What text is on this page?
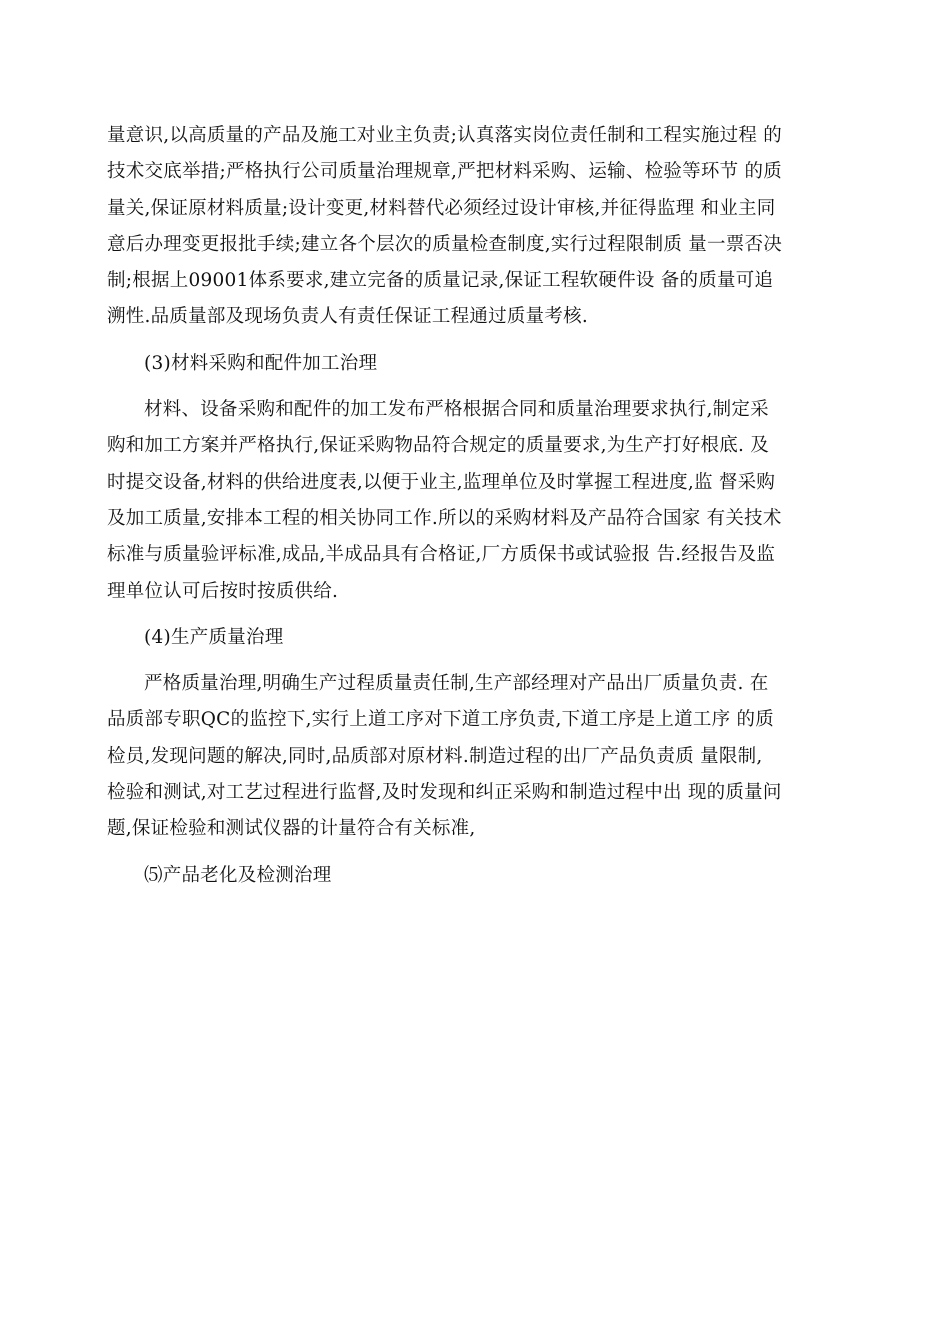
量意识,以高质量的产品及施工对业主负责;认真落实岗位责任制和工程实施过程 的
技术交底举措;严格执行公司质量治理规章,严把材料采购、运输、检验等环节 的质
量关,保证原材料质量;设计变更,材料替代必须经过设计审核,并征得监理 和业主同
意后办理变更报批手续;建立各个层次的质量检查制度,实行过程限制质 量一票否决
制;根据上09001体系要求,建立完备的质量记录,保证工程软硬件设 备的质量可追
溯性.品质量部及现场负责人有责任保证工程通过质量考核.
(3)材料采购和配件加工治理
材料、设备采购和配件的加工发布严格根据合同和质量治理要求执行,制定采
购和加工方案并严格执行,保证采购物品符合规定的质量要求,为生产打好根底. 及
时提交设备,材料的供给进度表,以便于业主,监理单位及时掌握工程进度,监 督采购
及加工质量,安排本工程的相关协同工作.所以的采购材料及产品符合国家 有关技术
标准与质量验评标准,成品,半成品具有合格证,厂方质保书或试验报 告.经报告及监
理单位认可后按时按质供给.
(4)生产质量治理
严格质量治理,明确生产过程质量责任制,生产部经理对产品出厂质量负责. 在
品质部专职QC的监控下,实行上道工序对下道工序负责,下道工序是上道工序 的质
检员,发现问题的解决,同时,品质部对原材料.制造过程的出厂产品负责质 量限制,
检验和测试,对工艺过程进行监督,及时发现和纠正采购和制造过程中出 现的质量问
题,保证检验和测试仪器的计量符合有关标准,
⑸产品老化及检测治理
